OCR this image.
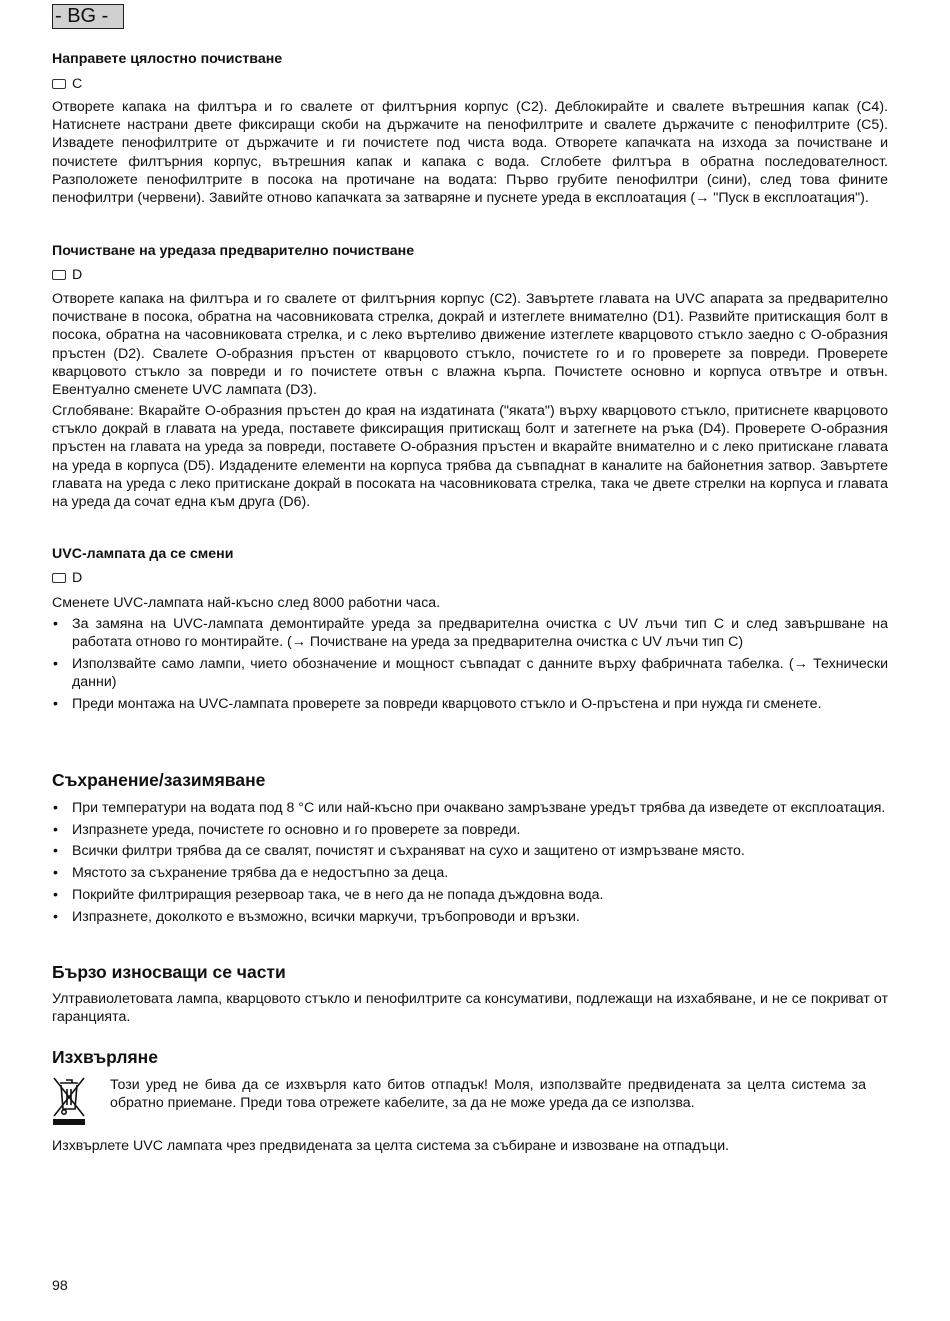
- BG -
Направете цялостно почистване
C

Отворете капака на филтъра и го свалете от филтърния корпус (C2). Деблокирайте и свалете вътрешния капак (C4). Натиснете настрани двете фиксиращи скоби на държачите на пенофилтрите и свалете държачите с пенофилтрите (C5). Извадете пенофилтрите от държачите и ги почистете под чиста вода. Отворете капачката на изхода за почистване и почистете филтърния корпус, вътрешния капак и капака с вода. Сглобете филтъра в обратна последователност. Разположете пенофилтрите в посока на протичане на водата: Първо грубите пенофилтри (сини), след това фините пенофилтри (червени). Завийте отново капачката за затваряне и пуснете уреда в експлоатация (→ "Пуск в експлоатация").

Почистване на уредаза предварително почистване
D

Отворете капака на филтъра и го свалете от филтърния корпус (C2). Завъртете главата на UVC апарата за предварително почистване в посока, обратна на часовниковата стрелка, докрай и изтеглете внимателно (D1). Развийте притискащия болт в посока, обратна на часовниковата стрелка, и с леко въртеливо движение изтеглете кварцовото стъкло заедно с О-образния пръстен (D2). Свалете О-образния пръстен от кварцовото стъкло, почистете го и го проверете за повреди. Проверете кварцовото стъкло за повреди и го почистете отвън с влажна кърпа. Почистете основно и корпуса отвътре и отвън. Евентуално сменете UVC лампата (D3).

Сглобяване: Вкарайте О-образния пръстен до края на издатината ("яката") върху кварцовото стъкло, притиснете кварцовото стъкло докрай в главата на уреда, поставете фиксиращия притискащ болт и затегнете на ръка (D4). Проверете О-образния пръстен на главата на уреда за повреди, поставете О-образния пръстен и вкарайте внимателно и с леко притискане главата на уреда в корпуса (D5). Издадените елементи на корпуса трябва да съвпаднат в каналите на байонетния затвор. Завъртете главата на уреда с леко притискане докрай в посоката на часовниковата стрелка, така че двете стрелки на корпуса и главата на уреда да сочат една към друга (D6).

UVC-лампата да се смени
D

Сменете UVC-лампата най-късно след 8000 работни часа.

• За замяна на UVC-лампата демонтирайте уреда за предварителна очистка с UV лъчи тип C и след завършване на работата отново го монтирайте. (→ Почистване на уреда за предварителна очистка с UV лъчи тип C)
• Използвайте само лампи, чието обозначение и мощност съвпадат с данните върху фабричната табелка. (→ Технически данни)
• Преди монтажа на UVC-лампата проверете за повреди кварцовото стъкло и О-пръстена и при нужда ги сменете.
Съхранение/зазимяване
• При температури на водата под 8 °C или най-късно при очаквано замръзване уредът трябва да изведете от експлоатация.
• Изпразнете уреда, почистете го основно и го проверете за повреди.
• Всички филтри трябва да се свалят, почистят и съхраняват на сухо и защитено от измръзване място.
• Мястото за съхранение трябва да е недостъпно за деца.
• Покрийте филтриращия резервоар така, че в него да не попада дъждовна вода.
• Изпразнете, доколкото е възможно, всички маркучи, тръбопроводи и връзки.
Бързо износващи се части

Ултравиолетовата лампа, кварцовото стъкло и пенофилтрите са консумативи, подлежащи на изхабяване, и не се покриват от гаранцията.

Изхвърляне

Този уред не бива да се изхвърля като битов отпадък! Моля, използвайте предвидената за целта система за обратно приемане. Преди това отрежете кабелите, за да не може уреда да се използва.

Изхвърлете UVC лампата чрез предвидената за целта система за събиране и извозване на отпадъци.

98
